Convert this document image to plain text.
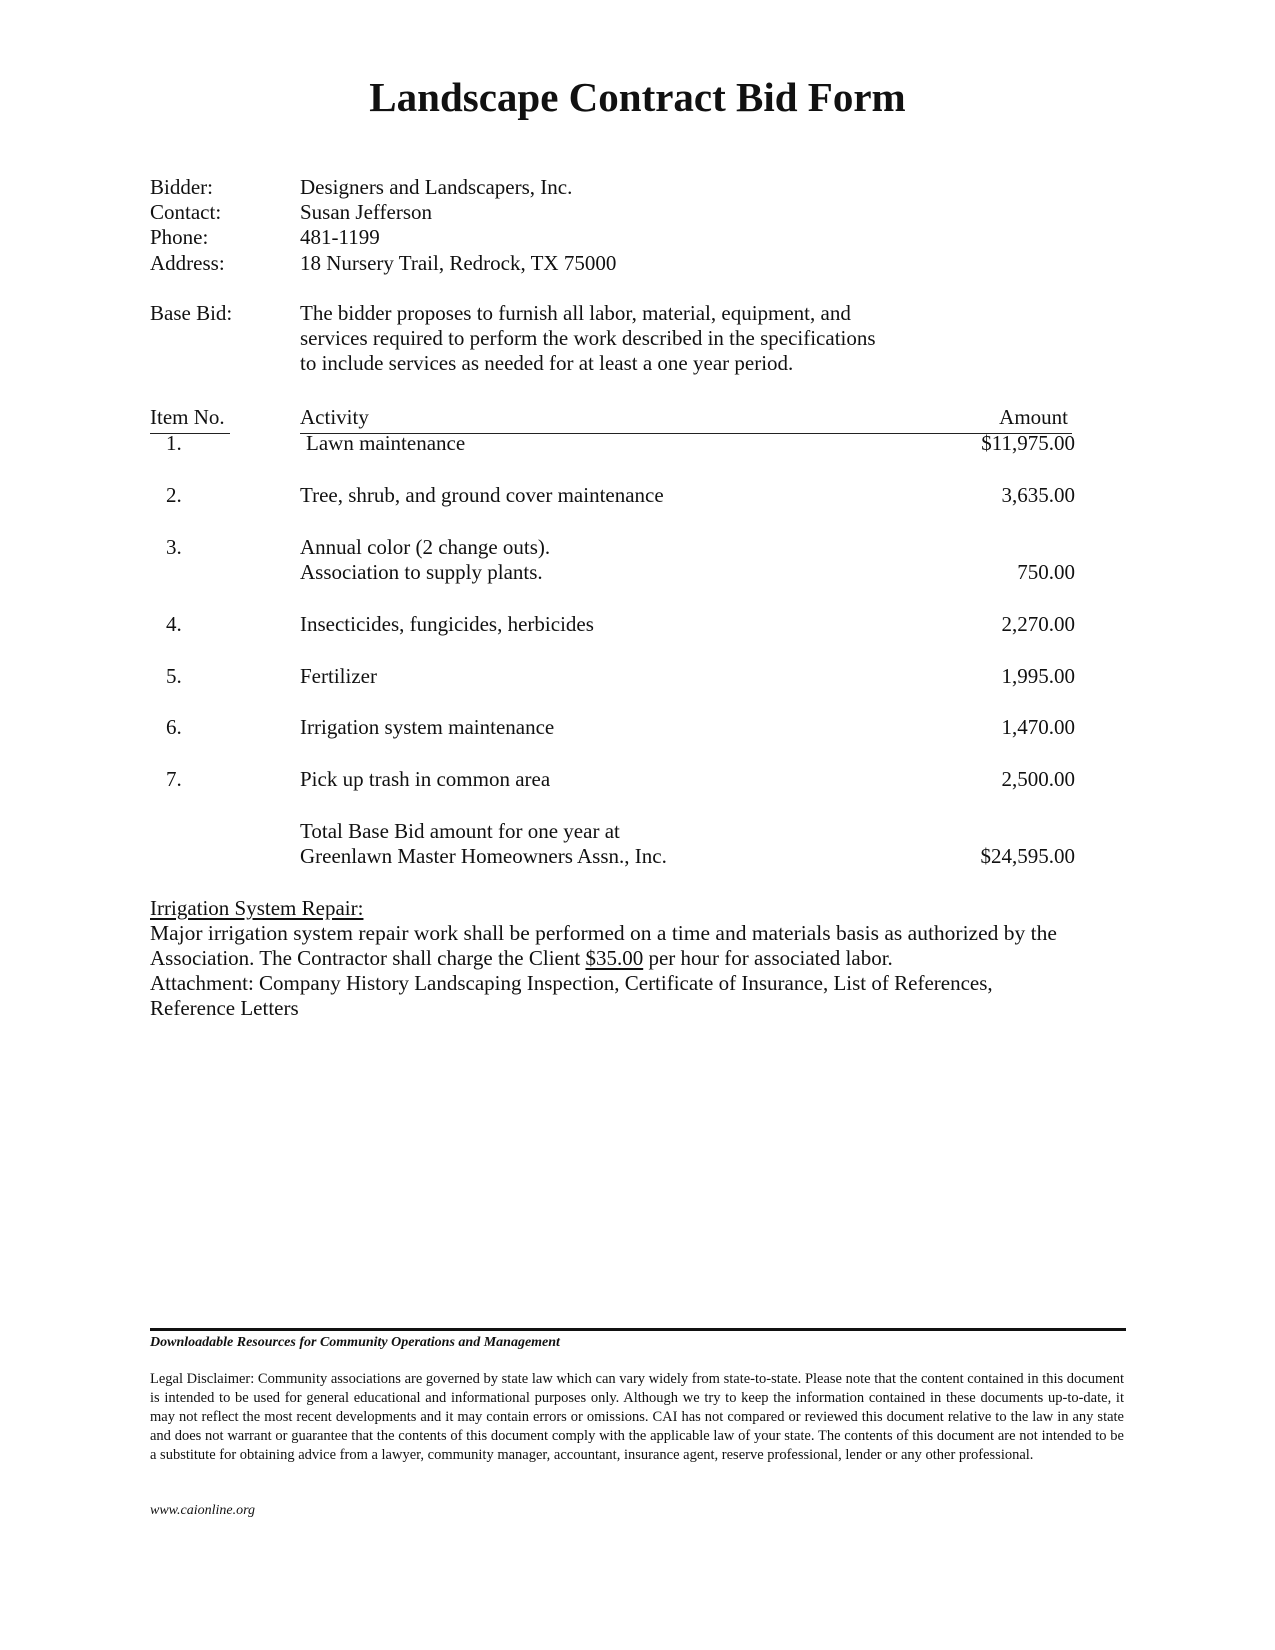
Landscape Contract Bid Form
Bidder:	Designers and Landscapers, Inc.
Contact:	Susan Jefferson
Phone:	481-1199
Address:	18 Nursery Trail, Redrock, TX 75000
Base Bid:	The bidder proposes to furnish all labor, material, equipment, and
services required to perform the work described in the specifications
to include services as needed for at least a one year period.
Item No.	Activity	Amount
1.	Lawn maintenance	$11,975.00
2.	Tree, shrub, and ground cover maintenance	3,635.00
3.	Annual color (2 change outs).
Association to supply plants.	750.00
4.	Insecticides, fungicides, herbicides	2,270.00
5.	Fertilizer	1,995.00
6.	Irrigation system maintenance	1,470.00
7.	Pick up trash in common area	2,500.00
Total Base Bid amount for one year at
Greenlawn Master Homeowners Assn., Inc.	$24,595.00
Irrigation System Repair:
Major irrigation system repair work shall be performed on a time and materials basis as authorized by the
Association. The Contractor shall charge the Client $35.00 per hour for associated labor.
Attachment: Company History Landscaping Inspection, Certificate of Insurance, List of References,
Reference Letters
Downloadable Resources for Community Operations and Management
Legal Disclaimer: Community associations are governed by state law which can vary widely from state-to-state. Please note that the content contained in this document is intended to be used for general educational and informational purposes only. Although we try to keep the information contained in these documents up-to-date, it may not reflect the most recent developments and it may contain errors or omissions. CAI has not compared or reviewed this document relative to the law in any state and does not warrant or guarantee that the contents of this document comply with the applicable law of your state. The contents of this document are not intended to be a substitute for obtaining advice from a lawyer, community manager, accountant, insurance agent, reserve professional, lender or any other professional.
www.caionline.org
